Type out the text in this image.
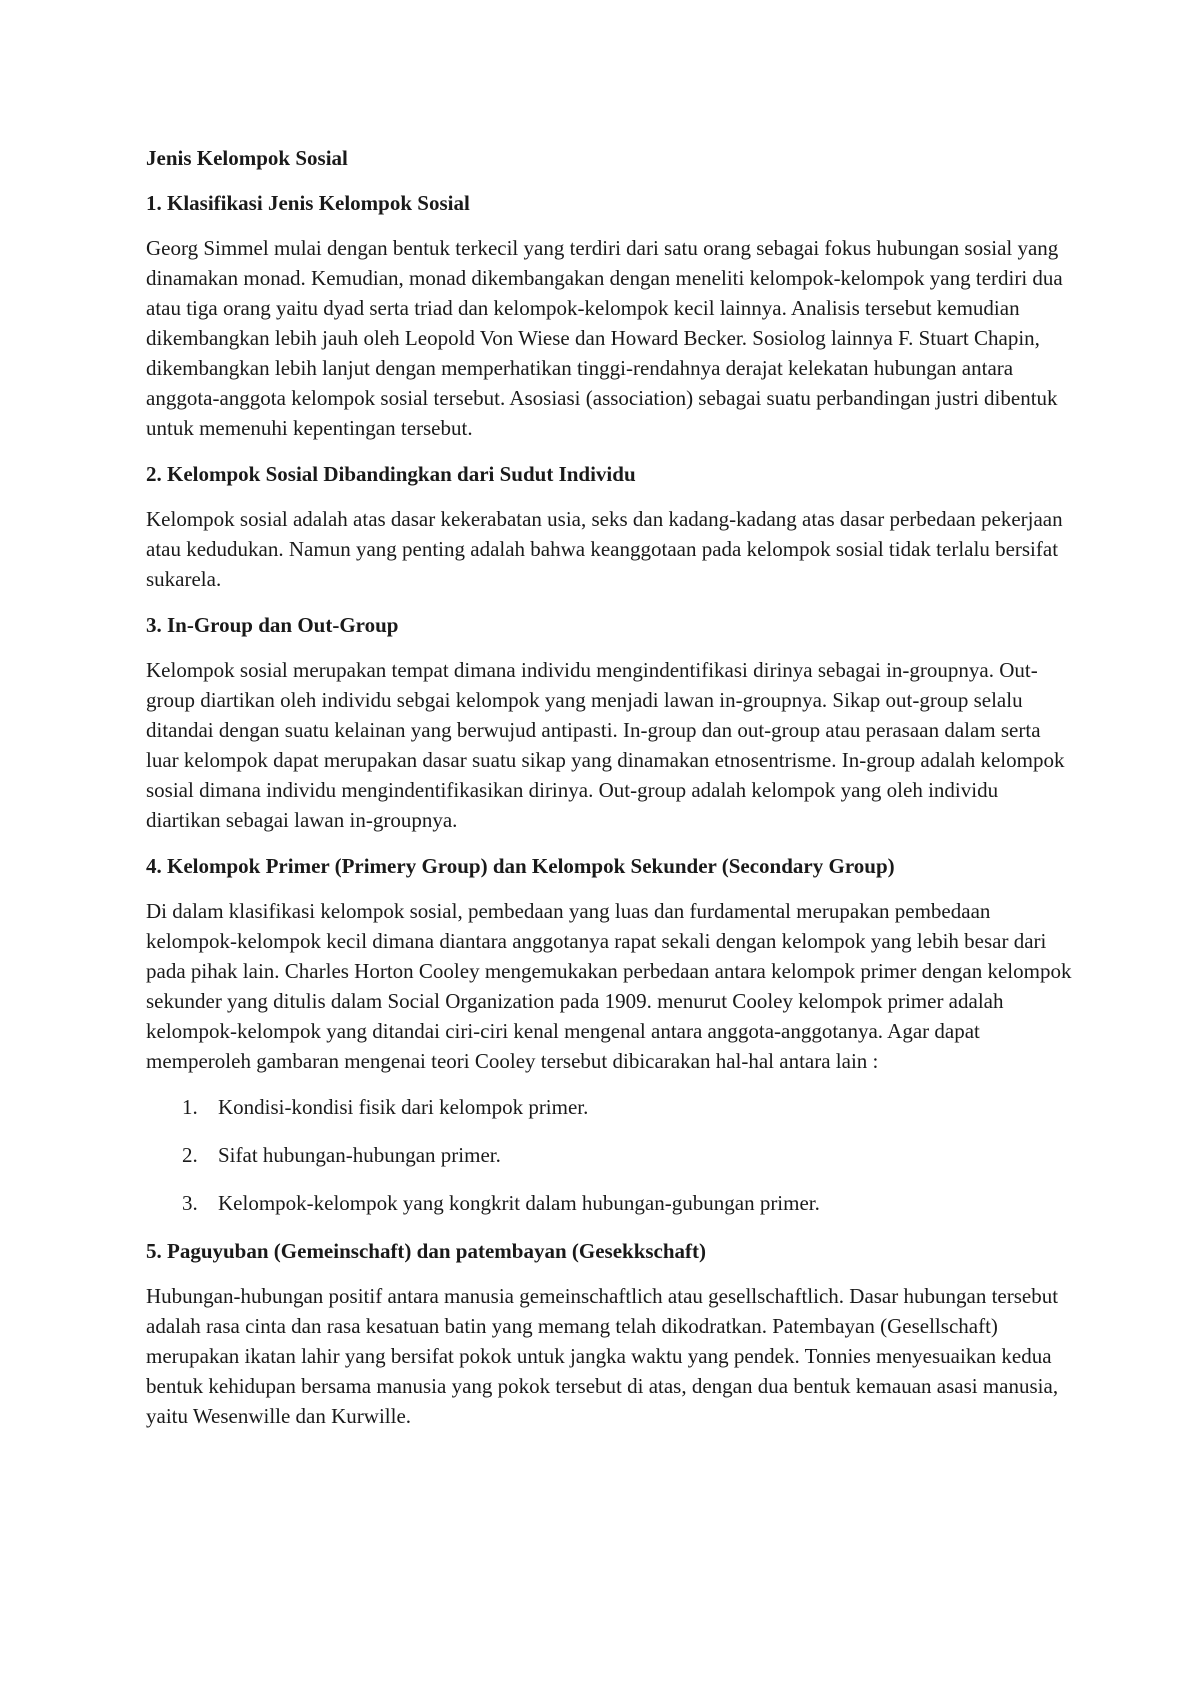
Jenis Kelompok Sosial
1. Klasifikasi Jenis Kelompok Sosial

Georg Simmel mulai dengan bentuk terkecil yang terdiri dari satu orang sebagai fokus hubungan sosial yang dinamakan monad. Kemudian, monad dikembangakan dengan meneliti kelompok-kelompok yang terdiri dua atau tiga orang yaitu dyad serta triad dan kelompok-kelompok kecil lainnya. Analisis tersebut kemudian dikembangkan lebih jauh oleh Leopold Von Wiese dan Howard Becker. Sosiolog lainnya F. Stuart Chapin, dikembangkan lebih lanjut dengan memperhatikan tinggi-rendahnya derajat kelekatan hubungan antara anggota-anggota kelompok sosial tersebut. Asosiasi (association) sebagai suatu perbandingan justri dibentuk untuk memenuhi kepentingan tersebut.

2. Kelompok Sosial Dibandingkan dari Sudut Individu

Kelompok sosial adalah atas dasar kekerabatan usia, seks dan kadang-kadang atas dasar perbedaan pekerjaan atau kedudukan. Namun yang penting adalah bahwa keanggotaan pada kelompok sosial tidak terlalu bersifat sukarela.

3. In-Group dan Out-Group

Kelompok sosial merupakan tempat dimana individu mengindentifikasi dirinya sebagai in-groupnya. Out-group diartikan oleh individu sebgai kelompok yang menjadi lawan in-groupnya. Sikap out-group selalu ditandai dengan suatu kelainan yang berwujud antipasti. In-group dan out-group atau perasaan dalam serta luar kelompok dapat merupakan dasar suatu sikap yang dinamakan etnosentrisme. In-group adalah kelompok sosial dimana individu mengindentifikasikan dirinya. Out-group adalah kelompok yang oleh individu diartikan sebagai lawan in-groupnya.

4. Kelompok Primer (Primery Group) dan Kelompok Sekunder (Secondary Group)

Di dalam klasifikasi kelompok sosial, pembedaan yang luas dan furdamental merupakan pembedaan kelompok-kelompok kecil dimana diantara anggotanya rapat sekali dengan kelompok yang lebih besar dari pada pihak lain. Charles Horton Cooley mengemukakan perbedaan antara kelompok primer dengan kelompok sekunder yang ditulis dalam Social Organization pada 1909. menurut Cooley kelompok primer adalah kelompok-kelompok yang ditandai ciri-ciri kenal mengenal antara anggota-anggotanya. Agar dapat memperoleh gambaran mengenai teori Cooley tersebut dibicarakan hal-hal antara lain :

1. Kondisi-kondisi fisik dari kelompok primer.
2. Sifat hubungan-hubungan primer.
3. Kelompok-kelompok yang kongkrit dalam hubungan-gubungan primer.
5. Paguyuban (Gemeinschaft) dan patembayan (Gesekkschaft)

Hubungan-hubungan positif antara manusia gemeinschaftlich atau gesellschaftlich. Dasar hubungan tersebut adalah rasa cinta dan rasa kesatuan batin yang memang telah dikodratkan. Patembayan (Gesellschaft) merupakan ikatan lahir yang bersifat pokok untuk jangka waktu yang pendek. Tonnies menyesuaikan kedua bentuk kehidupan bersama manusia yang pokok tersebut di atas, dengan dua bentuk kemauan asasi manusia, yaitu Wesenwille dan Kurwille.
